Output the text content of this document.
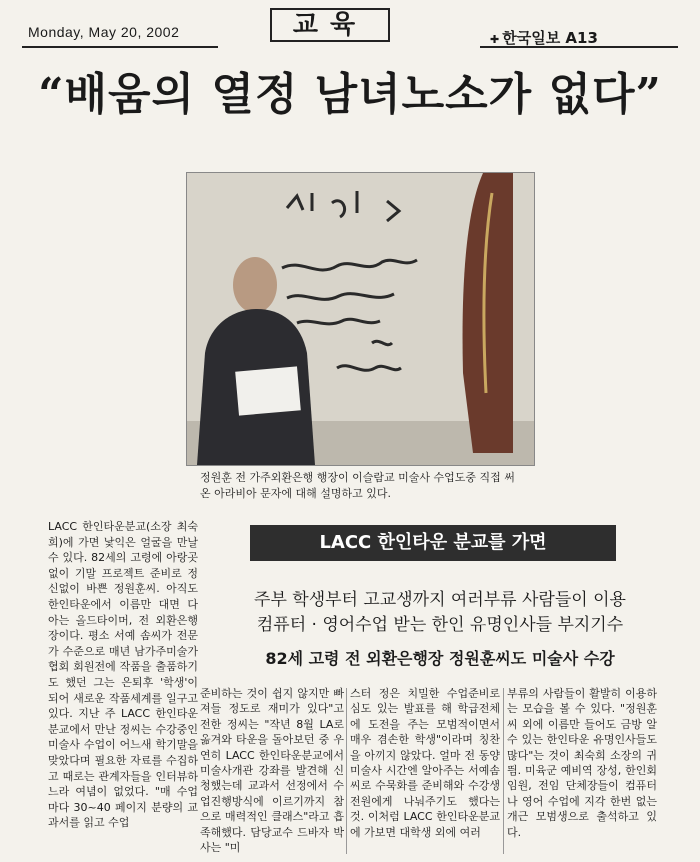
Monday, May 20, 2002	교육	✚ 한국일보 A13
“배움의 열정 남녀노소가 없다”
정원훈 전 가주외환은행 행장이 이슬람교 미술사 수업도중 직접 써온 아라비아 문자에 대해 설명하고 있다.
LACC 한인타운분교(소장 최숙희)에 가면 낯익은 얼굴을 만날 수 있다. 82세의 고령에 아랑곳없이 기말 프로젝트 준비로 정신없이 바쁜 정원훈씨. 아직도 한인타운에서 이름만 대면 다 아는 올드타이머, 전 외환은행장이다. 평소 서예 솜씨가 전문가 수준으로 매년 남가주미술가협회 회원전에 작품을 출품하기도 했던 그는 은퇴후 '학생'이 되어 새로운 작품세계를 일구고 있다. 지난 주 LACC 한인타운분교에서 만난 정씨는 수강중인 미술사 수업이 어느새 학기말을 맞았다며 필요한 자료를 수집하고 때로는 관계자들을 인터뷰하느라 여념이 없었다. "매 수업마다 30~40 페이지 분량의 교과서를 읽고 수업
LACC 한인타운 분교를 가면
주부 학생부터 고교생까지 여러부류 사람들이 이용
컴퓨터 · 영어수업 받는 한인 유명인사들 부지기수
82세 고령 전 외환은행장 정원훈씨도 미술사 수강
준비하는 것이 쉽지 않지만 빠져들 정도로 재미가 있다"고 전한 정씨는 "작년 8월 LA로 옮겨와 타운을 돌아보던 중 우연히 LACC 한인타운분교에서 미술사개관 강좌를 발견해 신청했는데 교과서 선정에서 수업진행방식에 이르기까지 참으로 매력적인 클래스"라고 흡족해했다. 담당교수 드바자 박사는 "미
스터 정은 치밀한 수업준비로 심도 있는 발표를 해 학급전체에 도전을 주는 모범적이면서 매우 겸손한 학생"이라며 칭찬을 아끼지 않았다. 얼마 전 동양 미술사 시간엔 알아주는 서예솜씨로 수묵화를 준비해와 수강생 전원에게 나눠주기도 했다는 것. 이처럼 LACC 한인타운분교에 가보면 대학생 외에 여러
부류의 사람들이 활발히 이용하는 모습을 볼 수 있다. "정원훈씨 외에 이름만 들어도 금방 알 수 있는 한인타운 유명인사들도 많다"는 것이 최숙희 소장의 귀띔. 미육군 예비역 장성, 한인회 임원, 전임 단체장들이 컴퓨터나 영어 수업에 지각 한번 없는 개근 모범생으로 출석하고 있다.
